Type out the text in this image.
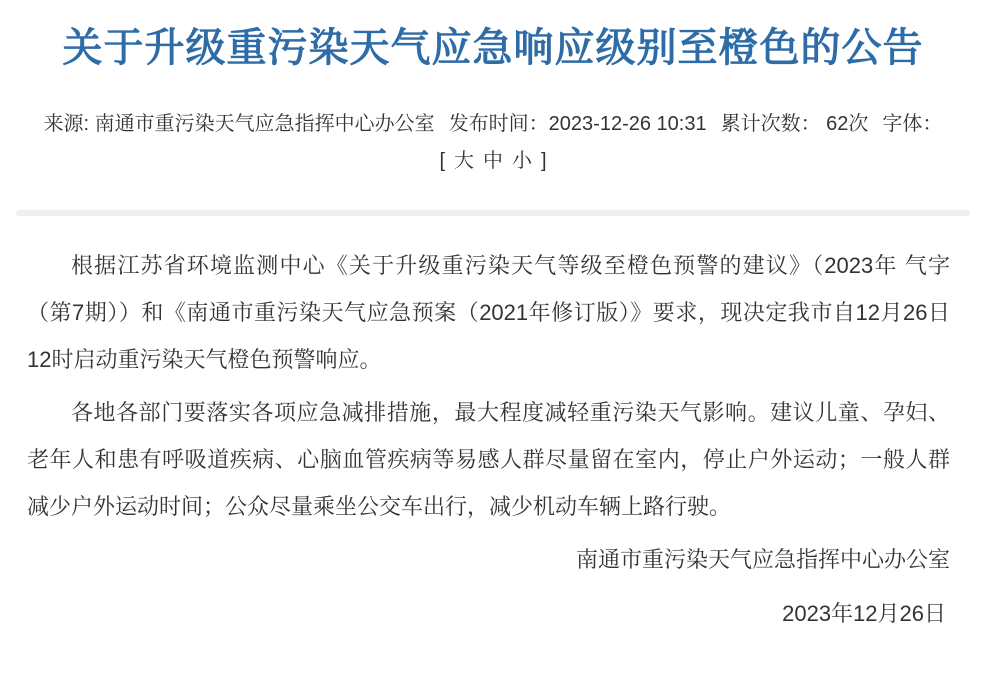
关于升级重污染天气应急响应级别至橙色的公告
来源: 南通市重污染天气应急指挥中心办公室 发布时间：2023-12-26 10:31 累计次数： 62次 字体：[ 大 中 小 ]

根据江苏省环境监测中心《关于升级重污染天气等级至橙色预警的建议》（2023年 气字（第7期））和《南通市重污染天气应急预案（2021年修订版）》要求，现决定我市自12月26日12时启动重污染天气橙色预警响应。

各地各部门要落实各项应急减排措施，最大程度减轻重污染天气影响。建议儿童、孕妇、老年人和患有呼吸道疾病、心脑血管疾病等易感人群尽量留在室内，停止户外运动；一般人群减少户外运动时间；公众尽量乘坐公交车出行，减少机动车辆上路行驶。

南通市重污染天气应急指挥中心办公室
2023年12月26日
